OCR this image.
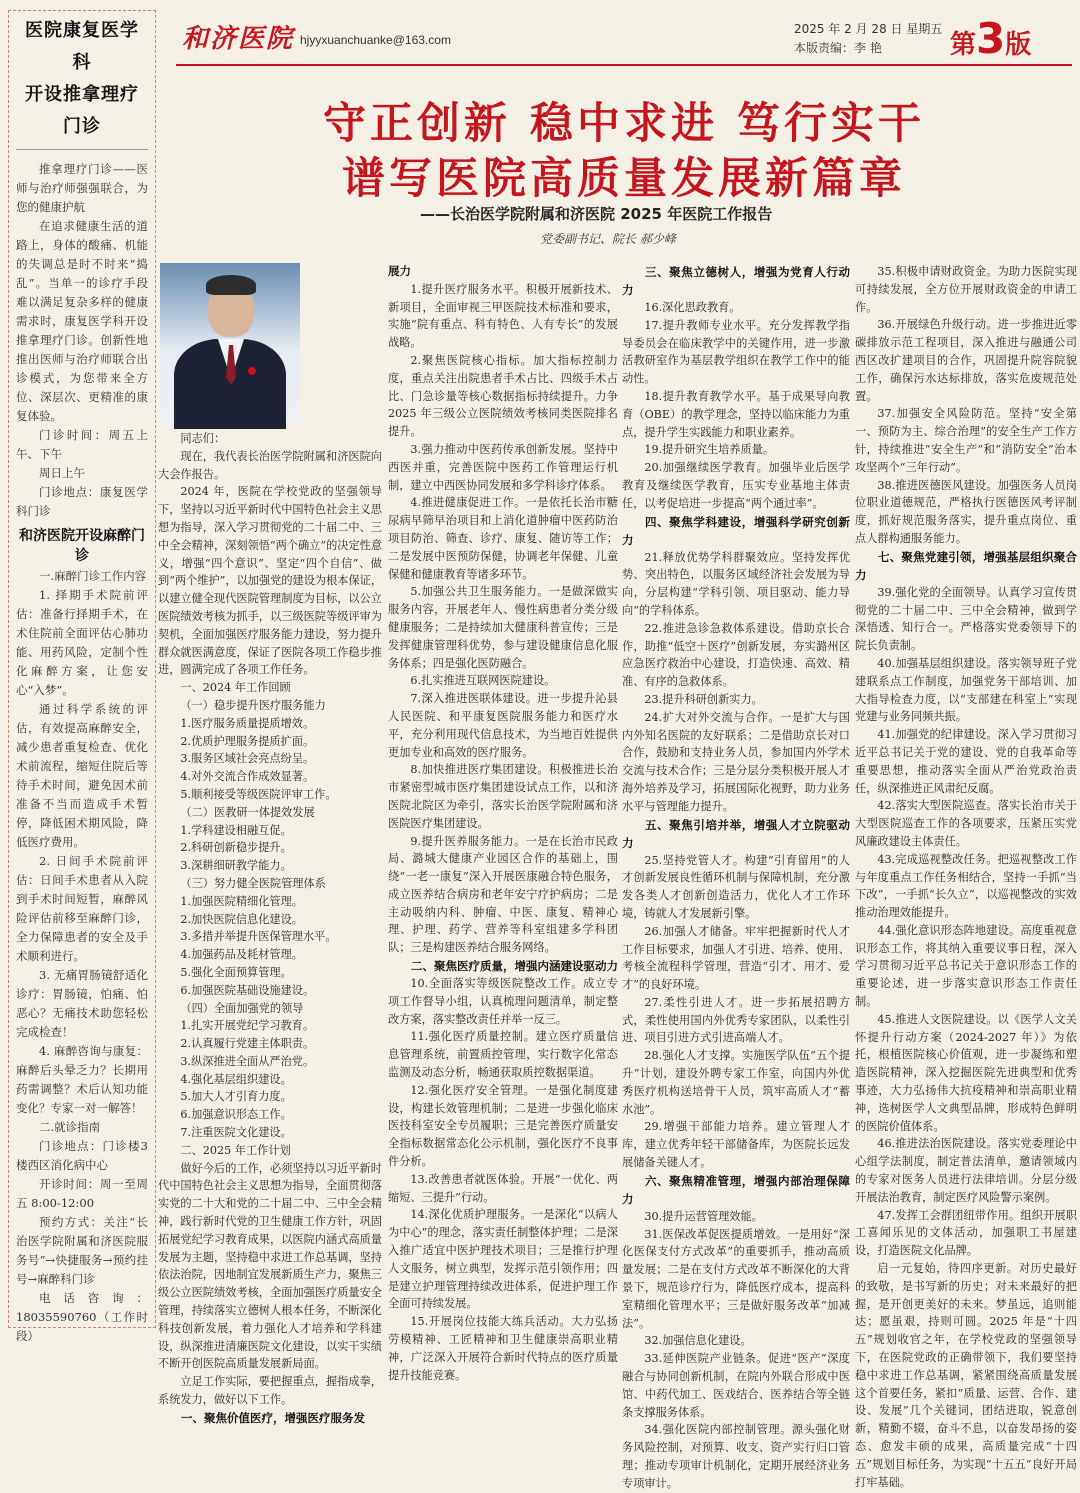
医院康复医学科
开设推拿理疗门诊

推拿理疗门诊——医师与治疗师强强联合，为您的健康护航

在追求健康生活的道路上，身体的酸痛、机能的失调总是时不时来“捣乱”。当单一的诊疗手段难以满足复杂多样的健康需求时，康复医学科开设推拿理疗门诊。创新性地推出医师与治疗师联合出诊模式，为您带来全方位、深层次、更精准的康复体验。

门诊时间：周五上午、下午

周日上午

门诊地点：康复医学科门诊

和济医院开设麻醉门诊

一.麻醉门诊工作内容

1. 择期手术院前评估：准备行择期手术，在术住院前全面评估心肺功能、用药风险，定制个性化麻醉方案，让您安心“入梦”。

通过科学系统的评估，有效提高麻醉安全，减少患者重复检查、优化术前流程，缩短住院后等待手术时间，避免因术前准备不当而造成手术暂停，降低困术期风险，降低医疗费用。

2. 日间手术院前评估：日间手术患者从入院到手术时间短暂，麻醉风险评估前移至麻醉门诊，全力保障患者的安全及手术顺利进行。

3. 无痛胃肠镜舒适化诊疗：胃肠镜，怕痛、怕恶心？无痛技术助您轻松完成检查！

4. 麻醉咨询与康复：麻醉后头晕乏力？长期用药需调整？术后认知功能变化？专家一对一解答！

二.就诊指南

门诊地点：门诊楼3楼西区消化病中心

开诊时间：周一至周五 8:00-12:00

预约方式：关注“长治医学院附属和济医院服务号”→快捷服务→预约挂号→麻醉科门诊

电话咨询：18035590760（工作时段）

和济医院 hjyyxuanchuanke@163.com
2025 年 2 月 28 日 星期五
本版责编：李 艳	第3版
守正创新 稳中求进 笃行实干
谱写医院高质量发展新篇章
——长治医学院附属和济医院 2025 年医院工作报告
党委副书记、院长 郝少峰

同志们：

现在，我代表长治医学院附属和济医院向大会作报告。

2024 年，医院在学校党政的坚强领导下，坚持以习近平新时代中国特色社会主义思想为指导，深入学习贯彻党的二十届二中、三中全会精神，深刻领悟“两个确立”的决定性意义，增强“四个意识”、坚定“四个自信”、做到“两个维护”，以加强党的建设为根本保证，以建立健全现代医院管理制度为目标，以公立医院绩效考核为抓手，以三级医院等级评审为契机，全面加强医疗服务能力建设，努力提升群众就医满意度，保证了医院各项工作稳步推进，圆满完成了各项工作任务。

一、2024 年工作回顾

（一）稳步提升医疗服务能力

1.医疗服务质量提质增效。

2.优质护理服务提质扩面。

3.服务区域社会亮点纷呈。

4.对外交流合作成效显著。

5.顺利接受等级医院评审工作。

（二）医教研一体提效发展

1.学科建设相融互促。

2.科研创新稳步提升。

3.深耕细研教学能力。

（三）努力健全医院管理体系

1.加强医院精细化管理。

2.加快医院信息化建设。

3.多措并举提升医保管理水平。

4.加强药品及耗材管理。

5.强化全面预算管理。

6.加强医院基础设施建设。

（四）全面加强党的领导

1.扎实开展党纪学习教育。

2.认真履行党建主体职责。

3.纵深推进全面从严治党。

4.强化基层组织建设。

5.加大人才引育力度。

6.加强意识形态工作。

7.注重医院文化建设。

二、2025 年工作计划

做好今后的工作，必须坚持以习近平新时代中国特色社会主义思想为指导，全面贯彻落实党的二十大和党的二十届二中、三中全会精神，践行新时代党的卫生健康工作方针，巩固拓展党纪学习教育成果，以医院内涵式高质量发展为主题，坚持稳中求进工作总基调，坚持依法治院，因地制宜发展新质生产力，聚焦三级公立医院绩效考核，全面加强医疗质量安全管理，持续落实立德树人根本任务，不断深化科技创新发展，着力强化人才培养和学科建设，纵深推进清廉医院文化建设，以实干实绩不断开创医院高质量发展新局面。

立足工作实际，要把握重点，握指成拳，系统发力，做好以下工作。

一、聚焦价值医疗，增强医疗服务发

展力

1.提升医疗服务水平。积极开展新技术、新项目，全面审视三甲医院技术标准和要求，实施“院有重点、科有特色、人有专长”的发展战略。

2.聚焦医院核心指标。加大指标控制力度，重点关注出院患者手术占比、四级手术占比、门急诊量等核心数据指标持续提升。力争 2025 年三级公立医院绩效考核同类医院排名提升。

3.强力推动中医药传承创新发展。坚持中西医并重，完善医院中医药工作管理运行机制，建立中西医协同发展和多学科诊疗体系。

4.推进健康促进工作。一是依托长治市糖尿病早筛早治项目和上消化道肿瘤中医药防治项目防治、筛查、诊疗、康复、随访等工作；二是发展中医预防保健，协调老年保健、儿童保健和健康教育等诸多环节。

5.加强公共卫生服务能力。一是做深做实服务内容，开展老年人、慢性病患者分类分级健康服务；二是持续加大健康科普宣传；三是发挥健康管理科优势，参与建设健康信息化服务体系；四是强化医防融合。

6.扎实推进互联网医院建设。

7.深入推进医联体建设。进一步提升沁县人民医院、和平康复医院服务能力和医疗水平，充分利用现代信息技术，为当地百姓提供更加专业和高效的医疗服务。

8.加快推进医疗集团建设。积极推进长治市紧密型城市医疗集团建设试点工作，以和济医院北院区为牵引，落实长治医学院附属和济医院医疗集团建设。

9.提升医养服务能力。一是在长治市民政局、潞城大健康产业园区合作的基础上，围绕“一老一康复”深入开展医康融合特色服务，成立医养结合病房和老年安宁疗护病房；二是主动吸纳内科、肿瘤、中医、康复、精神心理、护理、药学、营养等科室组建多学科团队；三是构建医养结合服务网络。

二、聚焦医疗质量，增强内涵建设驱动力

10.全面落实等级医院整改工作。成立专项工作督导小组，认真梳理问题清单，制定整改方案，落实整改责任并举一反三。

11.强化医疗质量控制。建立医疗质量信息管理系统，前置质控管理，实行数字化常态监测及动态分析，畅通获取质控数据渠道。

12.强化医疗安全管理。一是强化制度建设，构建长效管理机制；二是进一步强化临床医技科室安全专员履职；三是完善医疗质量安全指标数据常态化公示机制，强化医疗不良事件分析。

13.改善患者就医体验。开展“一优化、两缩短、三提升”行动。

14.深化优质护理服务。一是深化“以病人为中心”的理念，落实责任制整体护理；二是深入推广适宜中医护理技术项目；三是推行护理人文服务，树立典型，发挥示范引领作用；四是建立护理管理持续改进体系，促进护理工作全面可持续发展。

15.开展岗位技能大练兵活动。大力弘扬劳模精神、工匠精神和卫生健康崇高职业精神，广泛深入开展符合新时代特点的医疗质量提升技能竞赛。

三、聚焦立德树人，增强为党育人行动力

16.深化思政教育。

17.提升教师专业水平。充分发挥教学指导委员会在临床教学中的关键作用，进一步激活教研室作为基层教学组织在教学工作中的能动性。

18.提升教育教学水平。基于成果导向教育（OBE）的教学理念，坚持以临床能力为重点，提升学生实践能力和职业素养。

19.提升研究生培养质量。

20.加强继续医学教育。加强毕业后医学教育及继续医学教育，压实专业基地主体责任，以考促培进一步提高“两个通过率”。

四、聚焦学科建设，增强科学研究创新力

21.释放优势学科群聚效应。坚持发挥优势、突出特色，以服务区域经济社会发展为导向，分层构建“学科引领、项目驱动、能力导向”的学科体系。

22.推进急诊急救体系建设。借助京长合作，助推“低空＋医疗”创新发展，夯实潞州区应急医疗救治中心建设，打造快速、高效、精准、有序的急救体系。

23.提升科研创新实力。

24.扩大对外交流与合作。一是扩大与国内外知名医院的友好联系；二是借助京长对口合作，鼓励和支持业务人员，参加国内外学术交流与技术合作；三是分层分类积极开展人才海外培养及学习，拓展国际化视野，助力业务水平与管理能力提升。

五、聚焦引培并举，增强人才立院驱动力

25.坚持党管人才。构建“引育留用”的人才创新发展良性循环机制与保障机制，充分激发各类人才创新创造活力，优化人才工作环境，铸就人才发展新引擎。

26.加强人才储备。牢牢把握新时代人才工作目标要求，加强人才引进、培养、使用、考核全流程科学管理，营造“引才、用才、爱才”的良好环境。

27.柔性引进人才。进一步拓展招聘方式，柔性使用国内外优秀专家团队，以柔性引进、项目引进方式引进高端人才。

28.强化人才支撑。实施医学队伍“五个提升”计划，建设外聘专家工作室，向国内外优秀医疗机构送培骨干人员，筑牢高质人才“蓄水池”。

29.增强干部能力培养。建立管理人才库，建立优秀年轻干部储备库，为医院长远发展储备关键人才。

六、聚焦精准管理，增强内部治理保障力

30.提升运营管理效能。

31.医保改革促医提质增效。一是用好“深化医保支付方式改革”的重要抓手，推动高质量发展；二是在支付方式改革不断深化的大背景下，规范诊疗行为，降低医疗成本，提高科室精细化管理水平；三是做好服务改革“加减法”。

32.加强信息化建设。

33.延伸医院产业链条。促进“医产”深度融合与协同创新机制，在院内外联合形成中医馆、中药代加工、医戏结合、医养结合等全链条支撑服务体系。

34.强化医院内部控制管理。源头强化财务风险控制，对预算、收支、资产实行归口管理；推动专项审计机制化，定期开展经济业务专项审计。

35.积极申请财政资金。为助力医院实现可持续发展，全方位开展财政资金的申请工作。

36.开展绿色升级行动。进一步推进近零碳排放示范工程项目，深入推进与融通公司西区改扩建项目的合作，巩固提升院容院貌工作，确保污水达标排放，落实危废规范处置。

37.加强安全风险防范。坚持“安全第一、预防为主、综合治理”的安全生产工作方针，持续推进“安全生产”和“消防安全”治本攻坚两个“三年行动”。

38.推进医德医风建设。加强医务人员岗位职业道德规范，严格执行医德医风考评制度，抓好规范服务落实，提升重点岗位、重点人群构通服务能力。

七、聚焦党建引领，增强基层组织聚合力

39.强化党的全面领导。认真学习宣传贯彻党的二十届二中、三中全会精神，做到学深悟透、知行合一。严格落实党委领导下的院长负责制。

40.加强基层组织建设。落实领导班子党建联系点工作制度，加强党务干部培训、加大指导检查力度，以“支部建在科室上”实现党建与业务同频共振。

41.加强党的纪律建设。深入学习贯彻习近平总书记关于党的建设、党的自我革命等重要思想，推动落实全面从严治党政治责任，纵深推进正风肃纪反腐。

42.落实大型医院巡查。落实长治市关于大型医院巡查工作的各项要求，压紧压实党风廉政建设主体责任。

43.完成巡视整改任务。把巡视整改工作与年度重点工作任务相结合，坚持一手抓“当下改”，一手抓“长久立”，以巡视整改的实效推动治理效能提升。

44.强化意识形态阵地建设。高度重视意识形态工作，将其纳入重要议事日程，深入学习贯彻习近平总书记关于意识形态工作的重要论述，进一步落实意识形态工作责任制。

45.推进人文医院建设。以《医学人文关怀提升行动方案（2024-2027 年）》为依托，根植医院核心价值观，进一步凝练和塑造医院精神，深入挖掘医院先进典型和优秀事迹，大力弘扬伟大抗疫精神和崇高职业精神，选树医学人文典型品牌，形成特色鲜明的医院价值体系。

46.推进法治医院建设。落实党委理论中心组学法制度，制定普法清单，邀请领域内的专家对医务人员进行法律培训。分层分级开展法治教育，制定医疗风险警示案例。

47.发挥工会群团纽带作用。组织开展职工喜闻乐见的文体活动，加强职工书屋建设，打造医院文化品牌。

启一元复始，待四序更新。对历史最好的致敬，是书写新的历史；对未来最好的把握，是开创更美好的未来。梦虽远，追则能达；愿虽艰，持则可圆。2025 年是“十四五”规划收官之年，在学校党政的坚强领导下，在医院党政的正确带领下，我们要坚持稳中求进工作总基调，紧紧围绕高质量发展这个首要任务，紧扣“质量、运营、合作、建设、发展”几个关键词，团结进取，锐意创新，精勤不辍，奋斗不息，以奋发昂扬的姿态、愈发丰硕的成果，高质量完成“十四五”规划目标任务，为实现“十五五”良好开局打牢基础。
